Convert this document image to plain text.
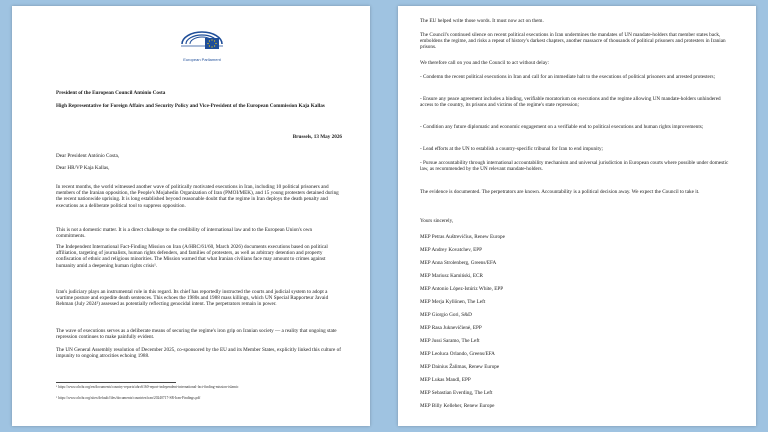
European Parliament

President of the European Council António Costa

High Representative for Foreign Affairs and Security Policy and Vice-President of the European Commission Kaja Kallas

Brussels, 13 May 2026

Dear President António Costa,

Dear HR/VP Kaja Kallas,

In recent months, the world witnessed another wave of politically motivated executions in Iran, including 10 political prisoners and members of the Iranian opposition, the People's Mojahedin Organization of Iran (PMOI/MEK), and 15 young protesters detained during the recent nationwide uprising. It is long established beyond reasonable doubt that the regime in Iran deploys the death penalty and executions as a deliberate political tool to suppress opposition.

This is not a domestic matter. It is a direct challenge to the credibility of international law and to the European Union's own commitments.

The Independent International Fact-Finding Mission on Iran (A/HRC/61/60, March 2026) documents executions based on political affiliation, targeting of journalists, human rights defenders, and families of protesters, as well as arbitrary detention and property confiscation of ethnic and religious minorities. The Mission warned that what Iranian civilians face may amount to crimes against humanity amid a deepening human rights crisis¹.

Iran's judiciary plays an instrumental role in this regard. Its chief has reportedly instructed the courts and judicial system to adopt a wartime posture and expedite death sentences. This echoes the 1980s and 1988 mass killings, which UN Special Rapporteur Javaid Rehman (July 2024²) assessed as potentially reflecting genocidal intent. The perpetrators remain in power.

The wave of executions serves as a deliberate means of securing the regime's iron grip on Iranian society — a reality that ongoing state repression continues to make painfully evident.

The UN General Assembly resolution of December 2025, co-sponsored by the EU and its Member States, explicitly linked this culture of impunity to ongoing atrocities echoing 1988.

¹ https://www.ohchr.org/en/documents/country-reports/ahrc6160-report-independent-international-fact-finding-mission-islamic

² https://www.ohchr.org/sites/default/files/documents/countries/iran/20240717-SR-Iran-Findings.pdf

The EU helped write those words. It must now act on them.

The Council's continued silence on recent political executions in Iran undermines the mandates of UN mandate-holders that member states back, emboldens the regime, and risks a repeat of history's darkest chapters, another massacre of thousands of political prisoners and protesters in Iranian prisons.

We therefore call on you and the Council to act without delay:

- Condemn the recent political executions in Iran and call for an immediate halt to the executions of political prisoners and arrested protesters;

- Ensure any peace agreement includes a binding, verifiable moratorium on executions and the regime allowing UN mandate-holders unhindered access to the country, its prisons and victims of the regime's state repression;

- Condition any future diplomatic and economic engagement on a verifiable end to political executions and human rights improvements;

- Lead efforts at the UN to establish a country-specific tribunal for Iran to end impunity;

- Pursue accountability through international accountability mechanism and universal jurisdiction in European courts where possible under domestic law, as recommended by the UN relevant mandate-holders.

The evidence is documented. The perpetrators are known. Accountability is a political decision away. We expect the Council to take it.

Yours sincerely,

MEP Petras Auštrevičius, Renew Europe

MEP Andrey Kovatchev, EPP

MEP Anna Strolenberg, Greens/EFA

MEP Mariusz Kamiński, ECR

MEP Antonio López-Istúriz White, EPP

MEP Merja Kyllönen, The Left

MEP Giorgio Gori, S&D

MEP Rasa Juknevičienė, EPP

MEP Jussi Saramo, The Left

MEP Leoluca Orlando, Greens/EFA

MEP Dainius Žalimas, Renew Europe

MEP Lukas Mandl, EPP

MEP Sebastian Everding, The Left

MEP Billy Kelleher, Renew Europe
